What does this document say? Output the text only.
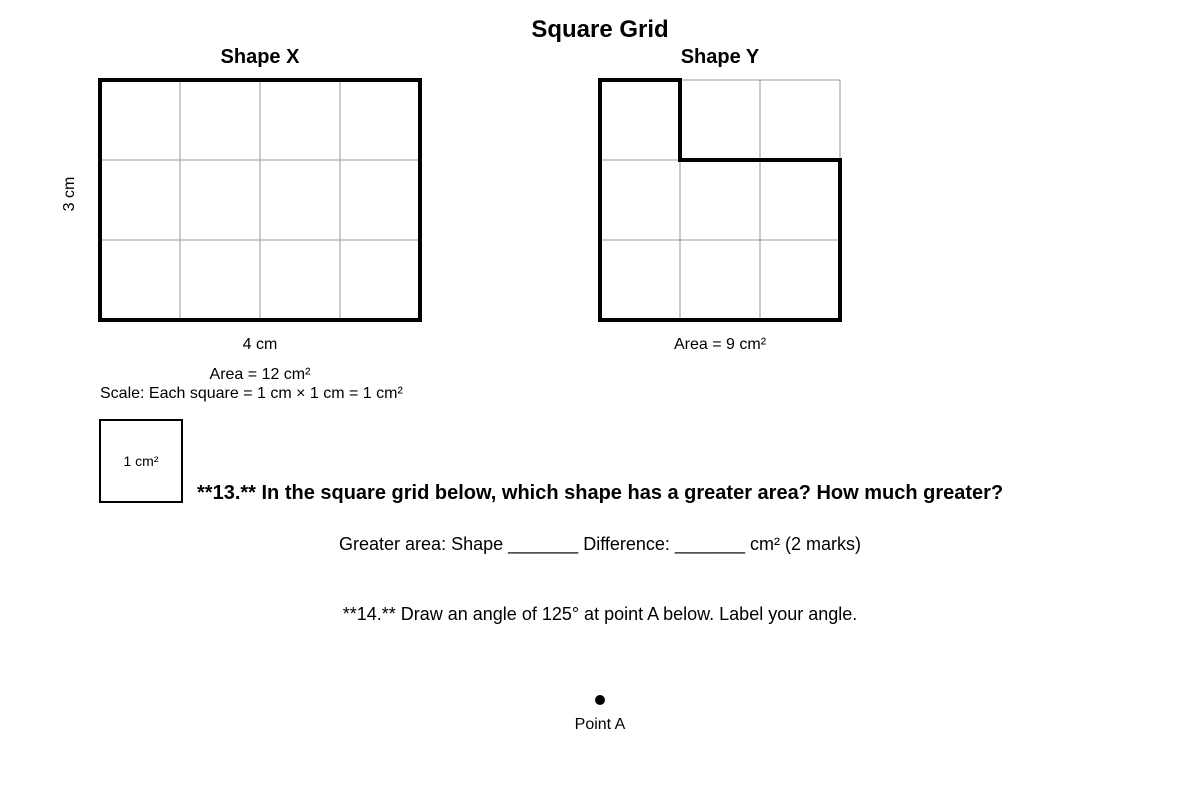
Square Grid
Shape X	Shape Y
3 cm
4 cm	Area = 9 cm²
Area = 12 cm²
Scale: Each square = 1 cm × 1 cm = 1 cm²
1 cm²
**13.** In the square grid below, which shape has a greater area? How much greater?
Greater area: Shape _______ Difference: _______ cm² (2 marks)
**14.** Draw an angle of 125° at point A below. Label your angle.
Point A
